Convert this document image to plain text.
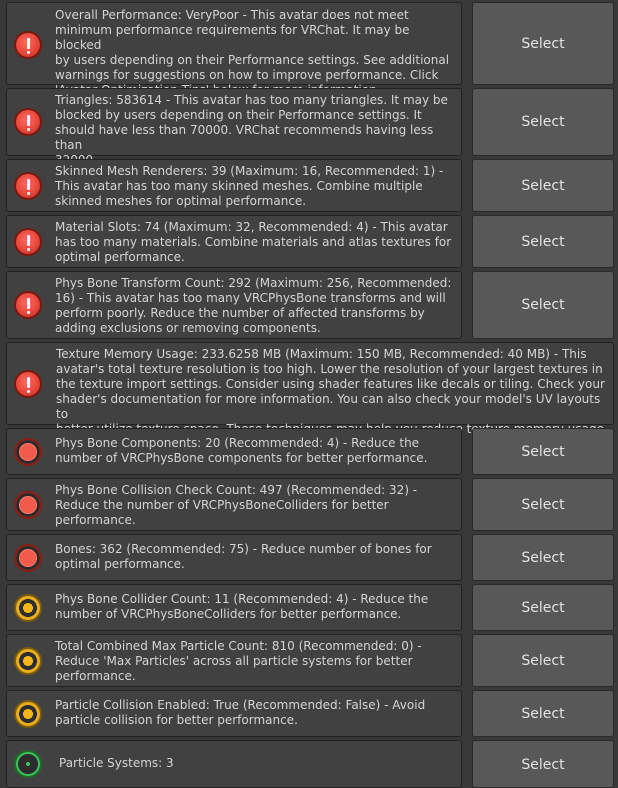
Overall Performance: VeryPoor - This avatar does not meet
minimum performance requirements for VRChat. It may be blocked
by users depending on their Performance settings. See additional
warnings for suggestions on how to improve performance. Click

Select
Triangles: 583614 - This avatar has too many triangles. It may be
blocked by users depending on their Performance settings. It
should have less than 70000. VRChat recommends having less than

Select
Skinned Mesh Renderers: 39 (Maximum: 16, Recommended: 1) -
This avatar has too many skinned meshes. Combine multiple
skinned meshes for optimal performance.
Select
Material Slots: 74 (Maximum: 32, Recommended: 4) - This avatar
has too many materials. Combine materials and atlas textures for
optimal performance.
Select
Phys Bone Transform Count: 292 (Maximum: 256, Recommended:
16) - This avatar has too many VRCPhysBone transforms and will
perform poorly. Reduce the number of affected transforms by
adding exclusions or removing components.
Select
Texture Memory Usage: 233.6258 MB (Maximum: 150 MB, Recommended: 40 MB) - This
avatar's total texture resolution is too high. Lower the resolution of your largest textures in
the texture import settings. Consider using shader features like decals or tiling. Check your
shader's documentation for more information. You can also check your model's UV layouts to

Phys Bone Components: 20 (Recommended: 4) - Reduce the
number of VRCPhysBone components for better performance.	Select
Phys Bone Collision Check Count: 497 (Recommended: 32) -
Reduce the number of VRCPhysBoneColliders for better
performance.
Select
Bones: 362 (Recommended: 75) - Reduce number of bones for
optimal performance.	Select
Phys Bone Collider Count: 11 (Recommended: 4) - Reduce the
number of VRCPhysBoneColliders for better performance.	Select
Total Combined Max Particle Count: 810 (Recommended: 0) -
Reduce 'Max Particles' across all particle systems for better
performance.
Select
Particle Collision Enabled: True (Recommended: False) - Avoid
particle collision for better performance.	Select
Particle Systems: 3	Select
